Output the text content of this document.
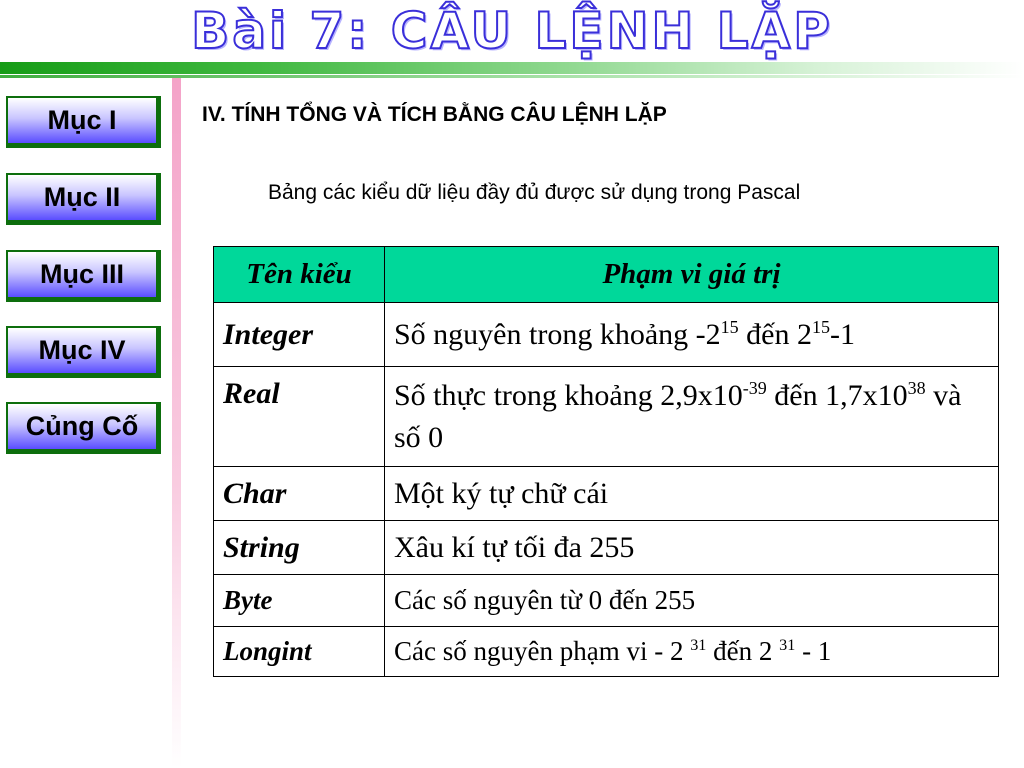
Bài 7: CÂU LỆNH LẶP
Mục I
Mục II
Mục III
Mục IV
Củng Cố
IV. TÍNH TỔNG VÀ TÍCH BẰNG CÂU LỆNH LẶP
Bảng các kiểu dữ liệu đầy đủ được sử dụng trong Pascal
Tên kiểu	Phạm vi giá trị
Integer	Số nguyên trong khoảng $-2^{15}$ đến $2^{15}-1$
Real	Số thực trong khoảng $2,9x10^{-39}$ đến $1,7x10^{38}$ và số 0
Char	Một ký tự chữ cái
String	Xâu kí tự tối đa 255
Byte	Các số nguyên từ 0 đến 255
Longint	Các số nguyên phạm vi - 2 $^{31}$ đến 2 $^{31}$ - 1
